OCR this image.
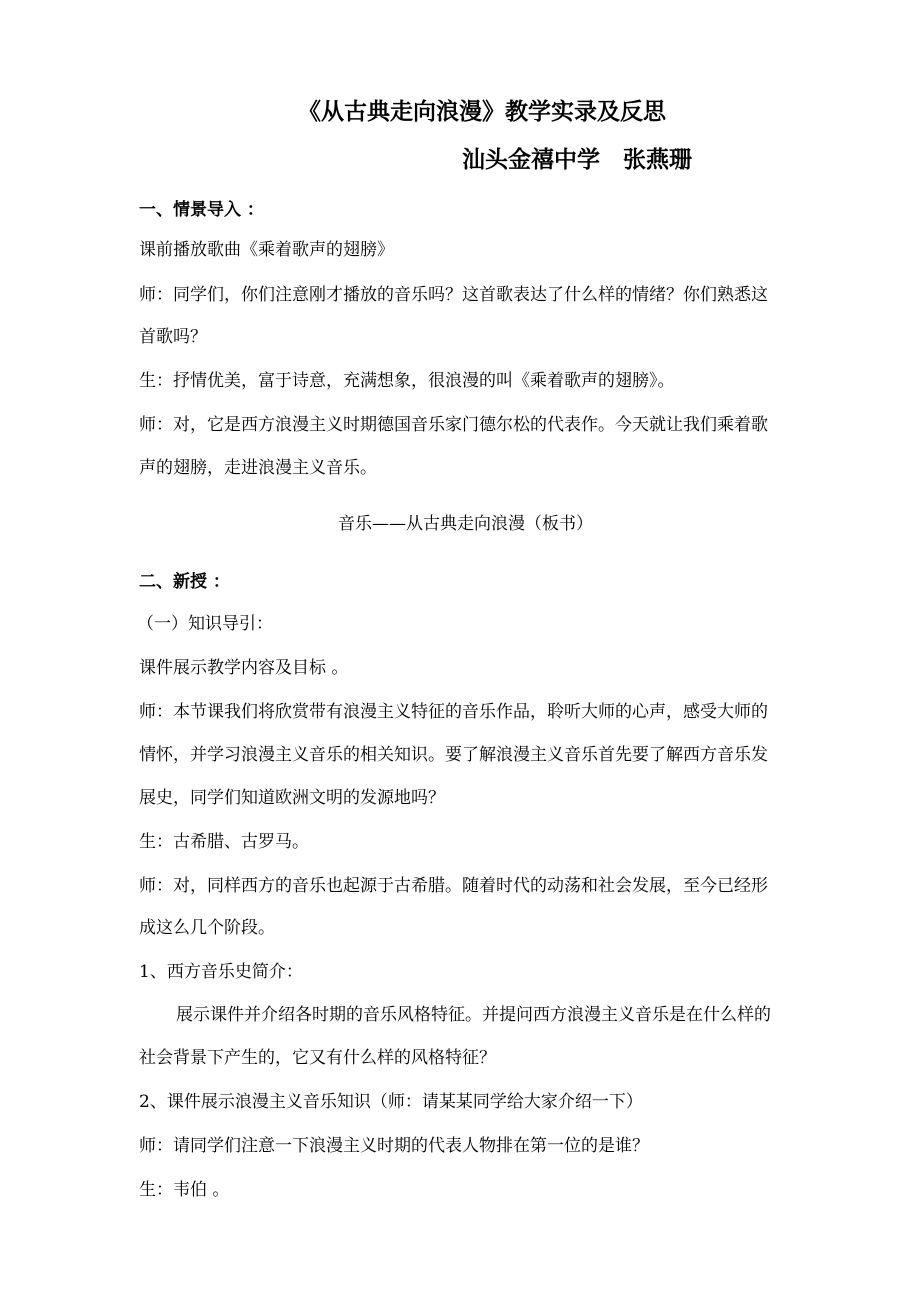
《从古典走向浪漫》教学实录及反思
汕头金禧中学　张燕珊
一、情景导入 ：
课前播放歌曲《乘着歌声的翅膀》
师：同学们，你们注意刚才播放的音乐吗？这首歌表达了什么样的情绪？你们熟悉这
首歌吗？
生：抒情优美，富于诗意，充满想象，很浪漫的叫《乘着歌声的翅膀》。
师：对，它是西方浪漫主义时期德国音乐家门德尔松的代表作。今天就让我们乘着歌
声的翅膀，走进浪漫主义音乐。
音乐——从古典走向浪漫（板书）
二、新授 ：
（一）知识导引：
课件展示教学内容及目标 。
师：本节课我们将欣赏带有浪漫主义特征的音乐作品，聆听大师的心声，感受大师的
情怀，并学习浪漫主义音乐的相关知识。要了解浪漫主义音乐首先要了解西方音乐发
展史，同学们知道欧洲文明的发源地吗？
生：古希腊、古罗马。
师：对，同样西方的音乐也起源于古希腊。随着时代的动荡和社会发展，至今已经形
成这么几个阶段。
1、西方音乐史简介：
展示课件并介绍各时期的音乐风格特征。并提问西方浪漫主义音乐是在什么样的
社会背景下产生的，它又有什么样的风格特征？
2、课件展示浪漫主义音乐知识（师：请某某同学给大家介绍一下）
师：请同学们注意一下浪漫主义时期的代表人物排在第一位的是谁？
生：韦伯 。
